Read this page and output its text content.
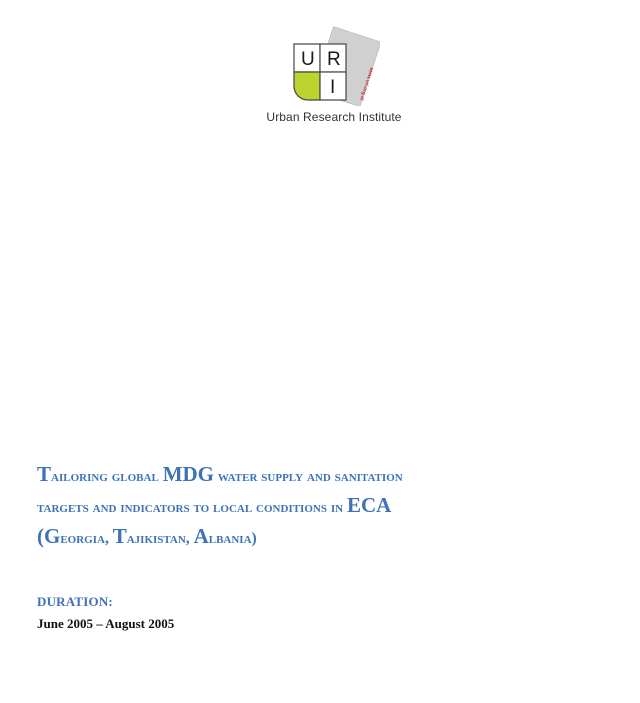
www.uri.org.al
U R
I
Urban Research Institute
Tailoring global MDG water supply and sanitation
targets and indicators to local conditions in ECA
(Georgia, Tajikistan, Albania)
DURATION:
June 2005 – August 2005
